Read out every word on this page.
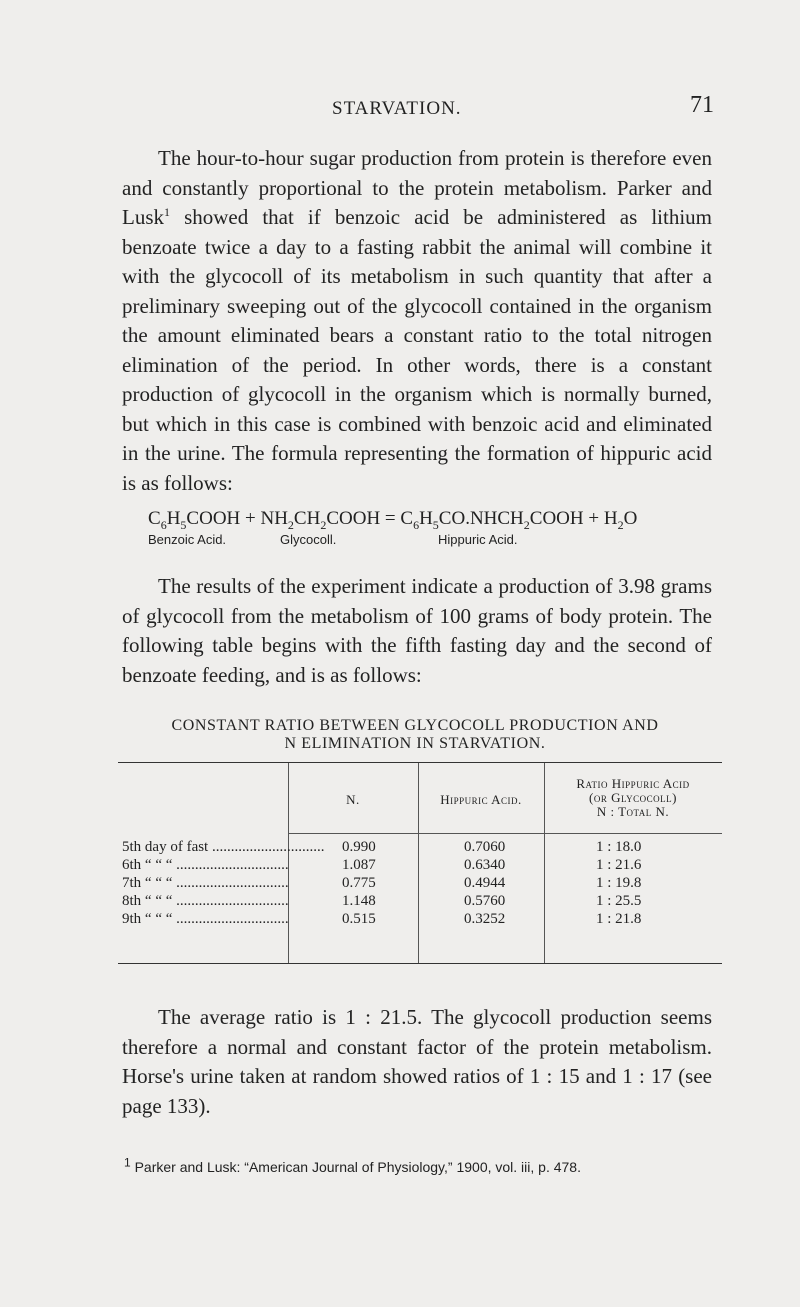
STARVATION.	71

The hour-to-hour sugar production from protein is therefore even and constantly proportional to the protein metabolism. Parker and Lusk$^1$ showed that if benzoic acid be administered as lithium benzoate twice a day to a fasting rabbit the animal will combine it with the glycocoll of its metabolism in such quantity that after a preliminary sweeping out of the glycocoll contained in the organism the amount eliminated bears a constant ratio to the total nitrogen elimination of the period. In other words, there is a constant production of glycocoll in the organism which is normally burned, but which in this case is combined with benzoic acid and eliminated in the urine. The formula representing the formation of hippuric acid is as follows:

$C_6H_5COOH$ + $NH_2CH_2COOH$ = $C_6H_5CO.NHCH_2COOH + H_2O$
Benzoic Acid.	Glycocoll.	Hippuric Acid.

The results of the experiment indicate a production of 3.98 grams of glycocoll from the metabolism of 100 grams of body protein. The following table begins with the fifth fasting day and the second of benzoate feeding, and is as follows:

CONSTANT RATIO BETWEEN GLYCOCOLL PRODUCTION AND
N ELIMINATION IN STARVATION.
N.	Hippuric Acid.
Ratio Hippuric Acid
(or Glycocoll)
N : Total N.
5th day of fast .............................. 0.990	0.7060	1 : 18.0
6th “ “ “ ..............................	1.087	0.6340	1 : 21.6
7th “ “ “ ..............................	0.775	0.4944	1 : 19.8
8th “ “ “ ..............................	1.148	0.5760	1 : 25.5
9th “ “ “ ..............................	0.515	0.3252	1 : 21.8

The average ratio is 1 : 21.5. The glycocoll production seems therefore a normal and constant factor of the protein metabolism. Horse's urine taken at random showed ratios of 1 : 15 and 1 : 17 (see page 133).

$^1$ Parker and Lusk: “American Journal of Physiology,” 1900, vol. iii, p. 478.
